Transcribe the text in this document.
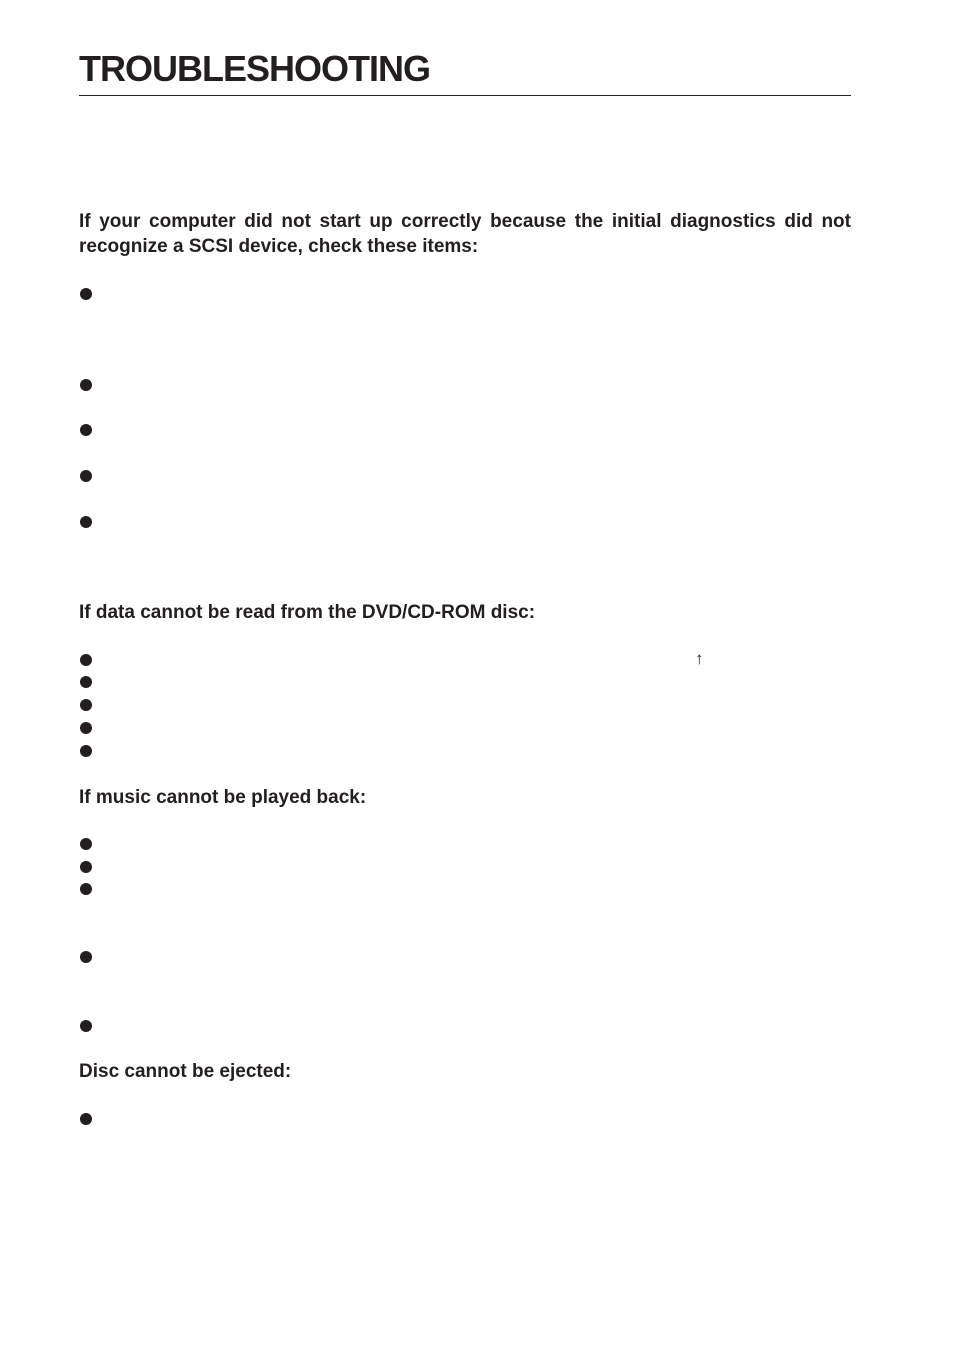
TROUBLESHOOTING

If your computer did not start up correctly because the initial diagnostics did not recognize a SCSI device, check these items:

If data cannot be read from the DVD/CD-ROM disc:

↑

If music cannot be played back:

Disc cannot be ejected:
